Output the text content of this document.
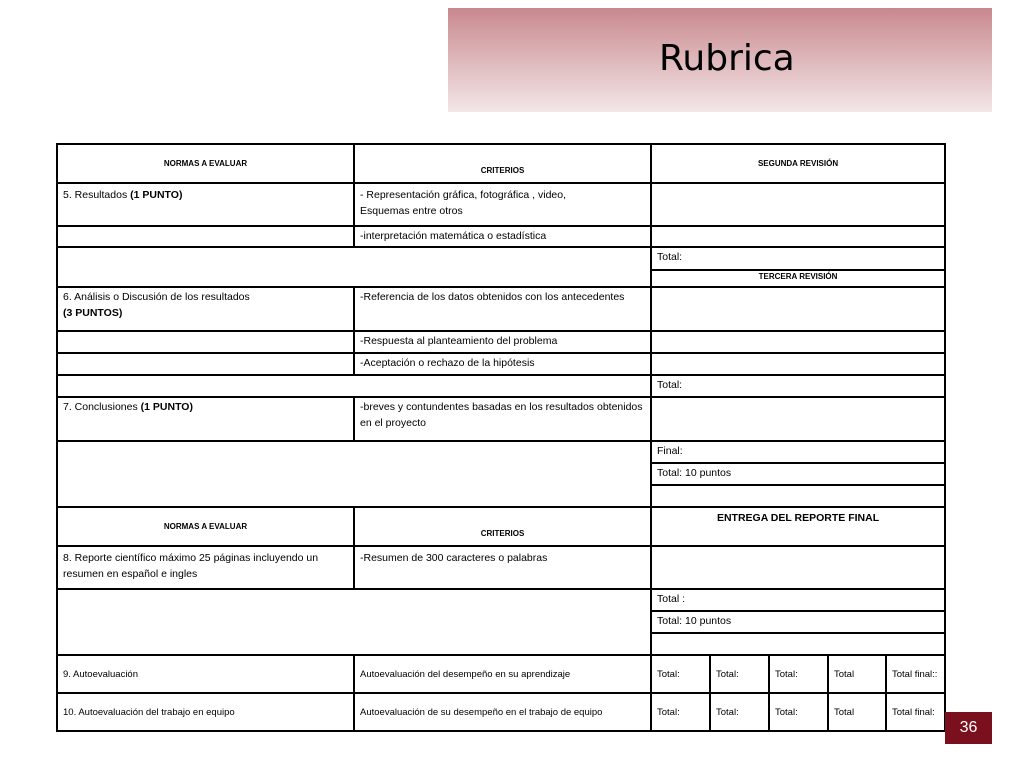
Rubrica
NORMAS A EVALUAR	CRITERIOS	SEGUNDA REVISIÓN				
5. Resultados (1 PUNTO)	- Representación gráfica, fotográfica , video,
Esquemas entre otros					
	-interpretación matemática o estadística					
		Total:				
		TERCERA REVISIÓN				
6. Análisis o Discusión de los resultados
(3 PUNTOS)	-Referencia de los datos obtenidos con los antecedentes					
	-Respuesta al planteamiento del problema					
	-Aceptación o rechazo de la hipótesis					
		Total:				
7. Conclusiones (1 PUNTO)	-breves y contundentes basadas en los resultados obtenidos
en el proyecto					
		Final:				
		Total: 10 puntos				

NORMAS A EVALUAR	CRITERIOS	ENTREGA DEL REPORTE FINAL				
8. Reporte científico máximo 25 páginas incluyendo un
resumen en español e ingles	-Resumen de 300 caracteres o palabras					
		Total :				
		Total: 10 puntos				

9. Autoevaluación	Autoevaluación del desempeño en su aprendizaje	Total:	Total:	Total:	Total	Total final::
10. Autoevaluación del trabajo en equipo	Autoevaluación de su desempeño en el trabajo de equipo	Total:	Total:	Total:	Total	Total final:
36
